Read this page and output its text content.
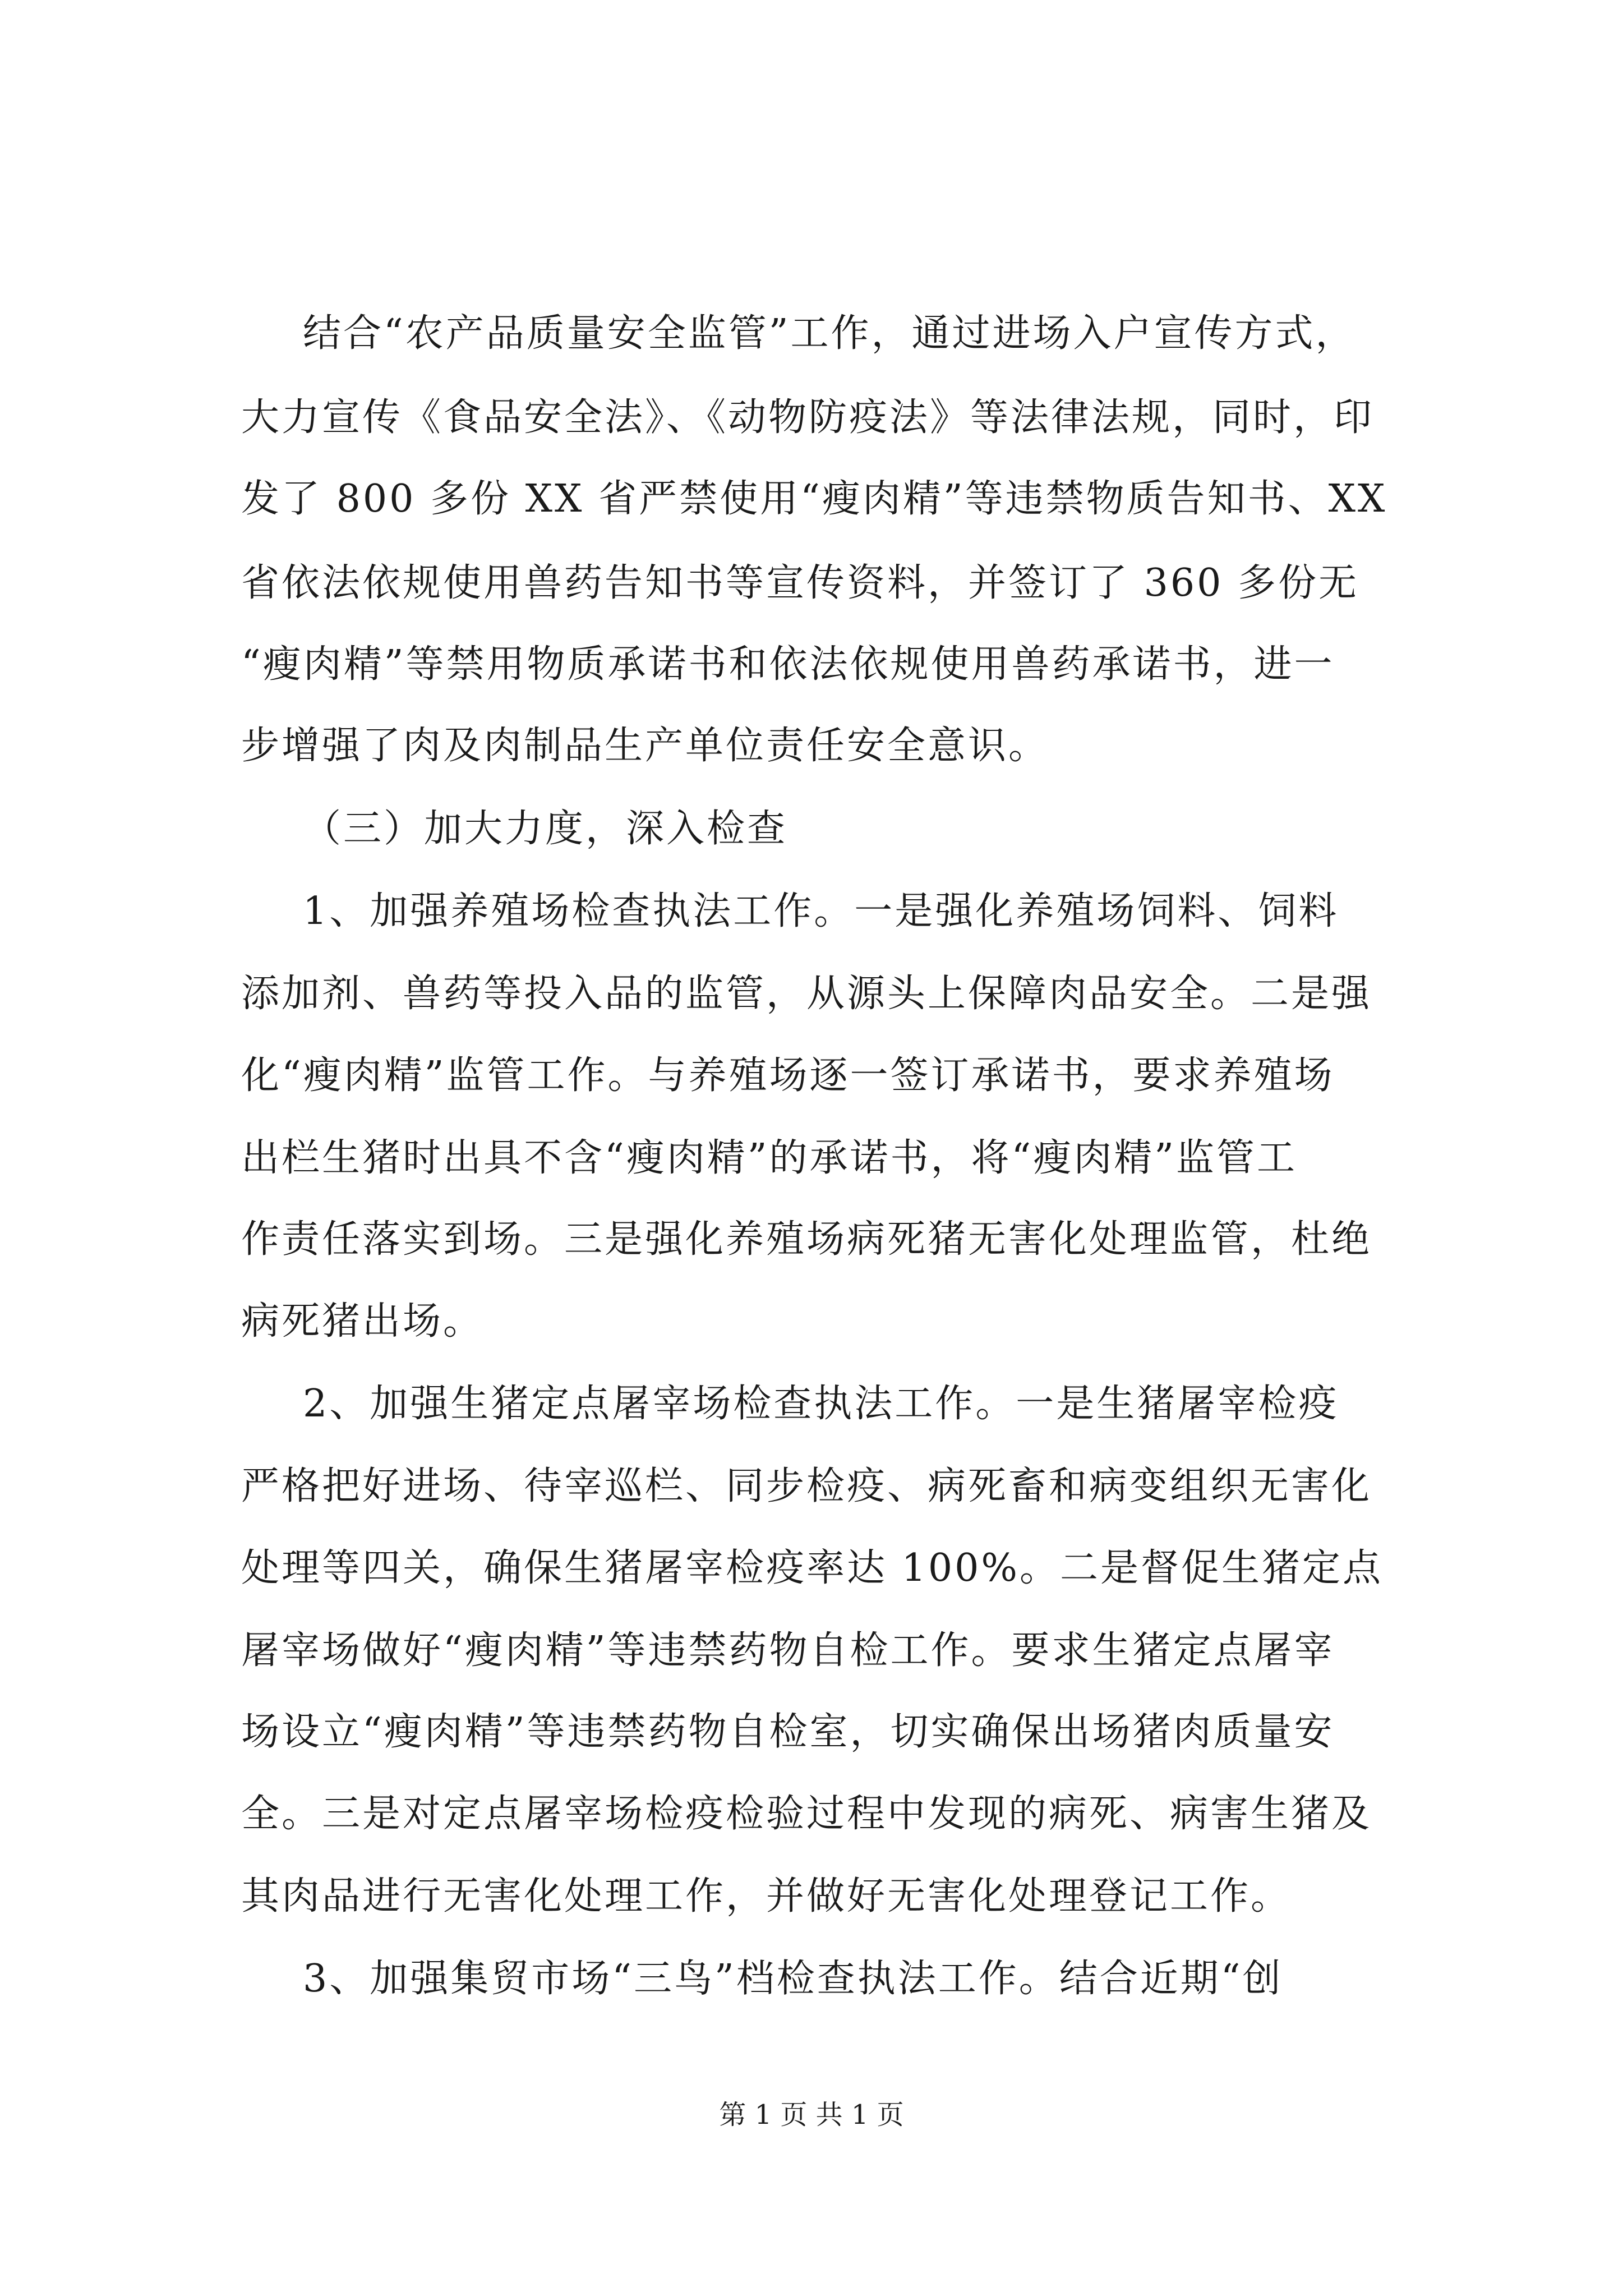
结合“农产品质量安全监管”工作，通过进场入户宣传方式，
大力宣传《食品安全法》、《动物防疫法》等法律法规，同时，印
发了 800 多份 XX 省严禁使用“瘦肉精”等违禁物质告知书、XX
省依法依规使用兽药告知书等宣传资料，并签订了 360 多份无
“瘦肉精”等禁用物质承诺书和依法依规使用兽药承诺书，进一
步增强了肉及肉制品生产单位责任安全意识。
（三）加大力度，深入检查
1、加强养殖场检查执法工作。一是强化养殖场饲料、饲料
添加剂、兽药等投入品的监管，从源头上保障肉品安全。二是强
化“瘦肉精”监管工作。与养殖场逐一签订承诺书，要求养殖场
出栏生猪时出具不含“瘦肉精”的承诺书，将“瘦肉精”监管工
作责任落实到场。三是强化养殖场病死猪无害化处理监管，杜绝
病死猪出场。
2、加强生猪定点屠宰场检查执法工作。一是生猪屠宰检疫
严格把好进场、待宰巡栏、同步检疫、病死畜和病变组织无害化
处理等四关，确保生猪屠宰检疫率达 100%。二是督促生猪定点
屠宰场做好“瘦肉精”等违禁药物自检工作。要求生猪定点屠宰
场设立“瘦肉精”等违禁药物自检室，切实确保出场猪肉质量安
全。三是对定点屠宰场检疫检验过程中发现的病死、病害生猪及
其肉品进行无害化处理工作，并做好无害化处理登记工作。
3、加强集贸市场“三鸟”档检查执法工作。结合近期“创
第 1 页 共 1 页
